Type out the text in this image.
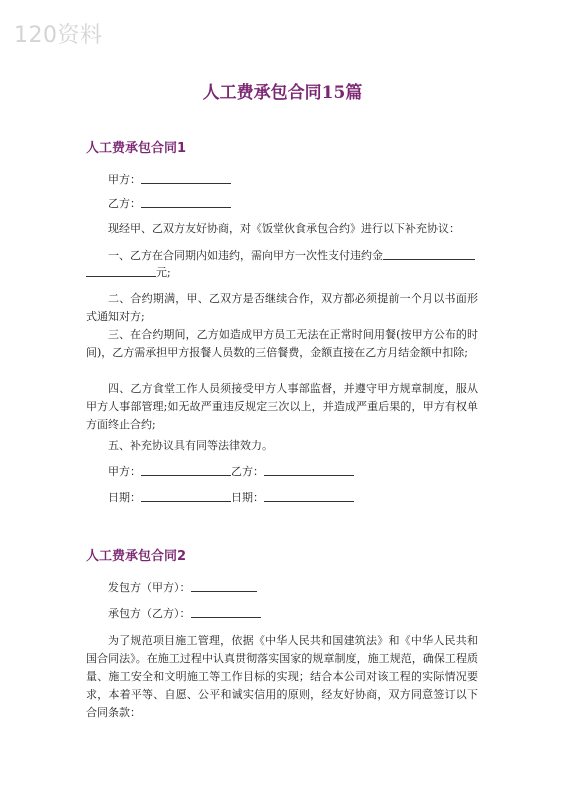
120资料
人工费承包合同15篇
人工费承包合同1
甲方：
乙方：
现经甲、乙双方友好协商，对《饭堂伙食承包合约》进行以下补充协议：
一、乙方在合同期内如违约，需向甲方一次性支付违约金
元;
二、合约期满，甲、乙双方是否继续合作，双方都必须提前一个月以书面形式通知对方;
三、在合约期间，乙方如造成甲方员工无法在正常时间用餐(按甲方公布的时间)，乙方需承担甲方报餐人员数的三倍餐费，金额直接在乙方月结金额中扣除;
四、乙方食堂工作人员须接受甲方人事部监督，并遵守甲方规章制度，服从甲方人事部管理;如无故严重违反规定三次以上，并造成严重后果的，甲方有权单方面终止合约;
五、补充协议具有同等法律效力。
甲方：	乙方：
日期：	日期：
人工费承包合同2
发包方（甲方）：
承包方（乙方）：
为了规范项目施工管理，依据《中华人民共和国建筑法》和《中华人民共和国合同法》。在施工过程中认真贯彻落实国家的规章制度，施工规范，确保工程质量、施工安全和文明施工等工作目标的实现；结合本公司对该工程的实际情况要求，本着平等、自愿、公平和诚实信用的原则，经友好协商，双方同意签订以下合同条款：
